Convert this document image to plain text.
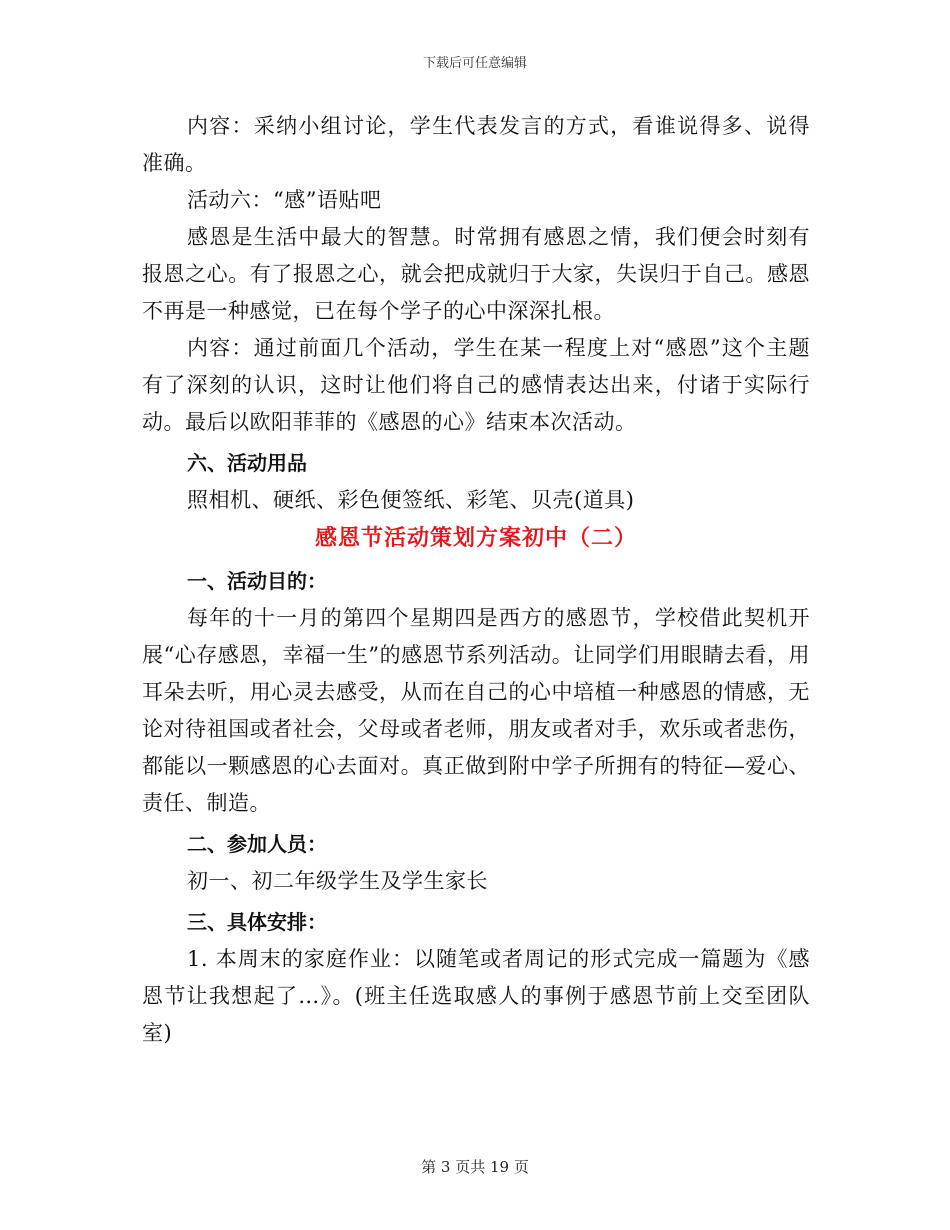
下载后可任意编辑

内容：采纳小组讨论，学生代表发言的方式，看谁说得多、说得准确。

活动六：“感”语贴吧

感恩是生活中最大的智慧。时常拥有感恩之情，我们便会时刻有报恩之心。有了报恩之心，就会把成就归于大家，失误归于自己。感恩不再是一种感觉，已在每个学子的心中深深扎根。

内容：通过前面几个活动，学生在某一程度上对“感恩”这个主题有了深刻的认识，这时让他们将自己的感情表达出来，付诸于实际行动。最后以欧阳菲菲的《感恩的心》结束本次活动。

六、活动用品

照相机、硬纸、彩色便签纸、彩笔、贝壳(道具)

感恩节活动策划方案初中（二）

一、活动目的：

每年的十一月的第四个星期四是西方的感恩节，学校借此契机开展“心存感恩，幸福一生”的感恩节系列活动。让同学们用眼睛去看，用耳朵去听，用心灵去感受，从而在自己的心中培植一种感恩的情感，无论对待祖国或者社会，父母或者老师，朋友或者对手，欢乐或者悲伤，都能以一颗感恩的心去面对。真正做到附中学子所拥有的特征—爱心、责任、制造。

二、参加人员：

初一、初二年级学生及学生家长

三、具体安排：

1. 本周末的家庭作业：以随笔或者周记的形式完成一篇题为《感恩节让我想起了…》。(班主任选取感人的事例于感恩节前上交至团队室)

第 3 页共 19 页
